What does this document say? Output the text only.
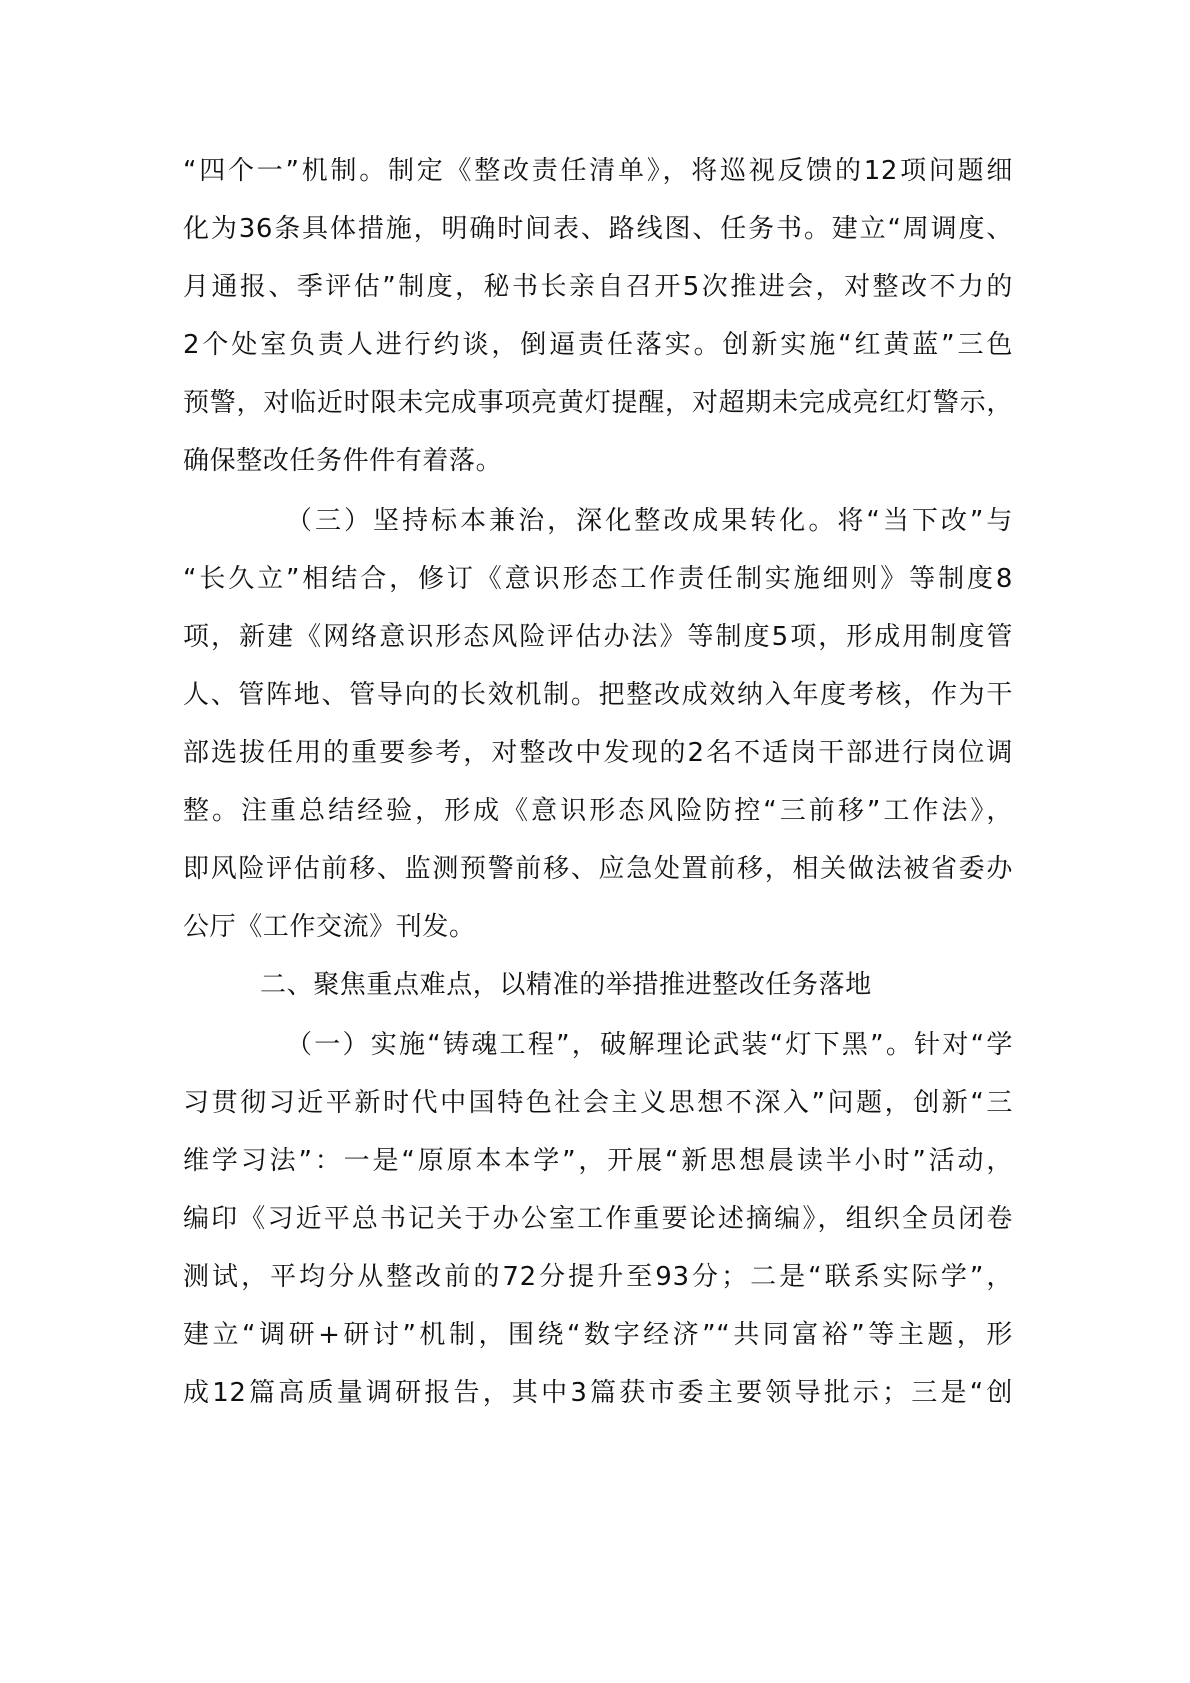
“四个一”机制。制定《整改责任清单》，将巡视反馈的12项问题细
化为36条具体措施，明确时间表、路线图、任务书。建立“周调度、
月通报、季评估”制度，秘书长亲自召开5次推进会，对整改不力的
2个处室负责人进行约谈，倒逼责任落实。创新实施“红黄蓝”三色
预警，对临近时限未完成事项亮黄灯提醒，对超期未完成亮红灯警示，
确保整改任务件件有着落。
（三）坚持标本兼治，深化整改成果转化。将“当下改”与
“长久立”相结合，修订《意识形态工作责任制实施细则》等制度8
项，新建《网络意识形态风险评估办法》等制度5项，形成用制度管
人、管阵地、管导向的长效机制。把整改成效纳入年度考核，作为干
部选拔任用的重要参考，对整改中发现的2名不适岗干部进行岗位调
整。注重总结经验，形成《意识形态风险防控“三前移”工作法》，
即风险评估前移、监测预警前移、应急处置前移，相关做法被省委办
公厅《工作交流》刊发。
二、聚焦重点难点，以精准的举措推进整改任务落地
（一）实施“铸魂工程”，破解理论武装“灯下黑”。针对“学
习贯彻习近平新时代中国特色社会主义思想不深入”问题，创新“三
维学习法”：一是“原原本本学”，开展“新思想晨读半小时”活动，
编印《习近平总书记关于办公室工作重要论述摘编》，组织全员闭卷
测试，平均分从整改前的72分提升至93分；二是“联系实际学”，
建立“调研+研讨”机制，围绕“数字经济”“共同富裕”等主题，形
成12篇高质量调研报告，其中3篇获市委主要领导批示；三是“创
